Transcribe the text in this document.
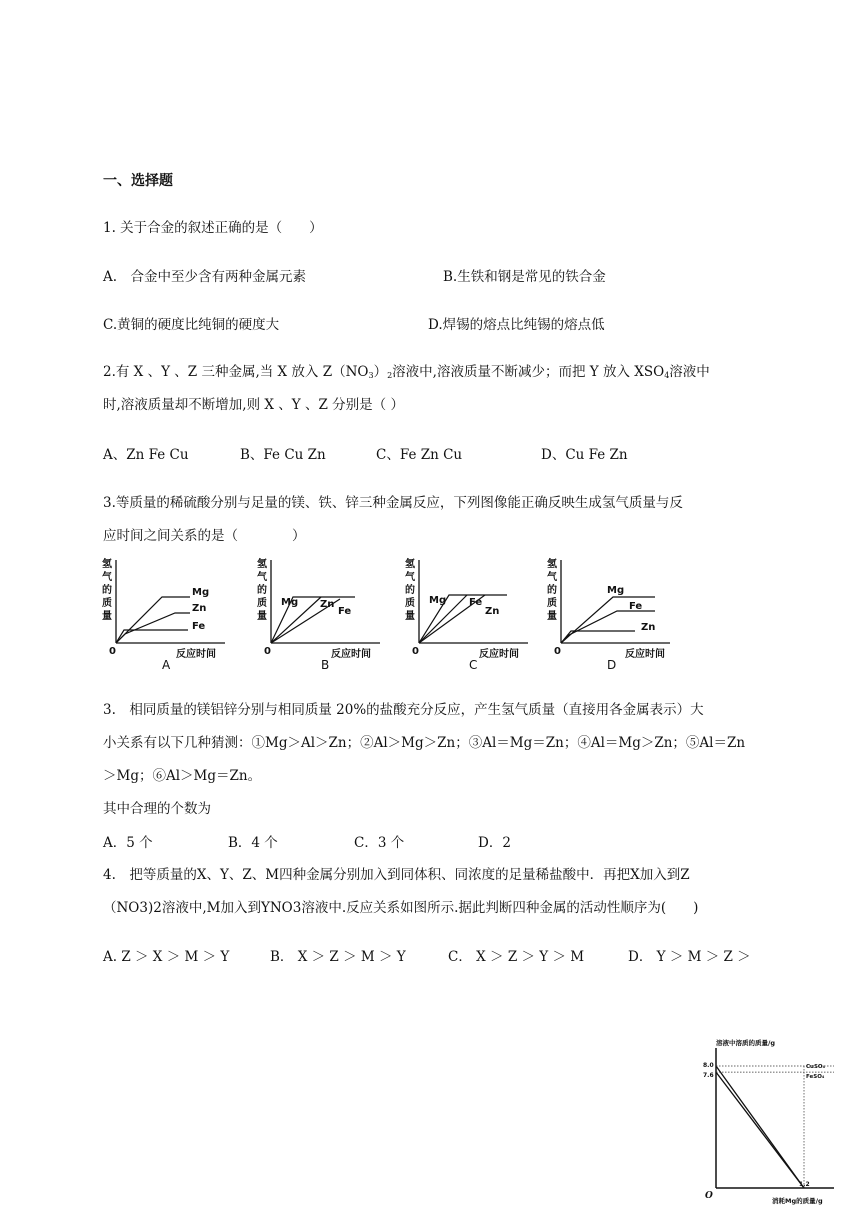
一、选择题
1. 关于合金的叙述正确的是（　　）
A.　合金中至少含有两种金属元素	B.生铁和钢是常见的铁合金
C.黄铜的硬度比纯铜的硬度大	D.焊锡的熔点比纯锡的熔点低
2.有 X 、Y 、Z 三种金属,当 X 放入 $Z(NO_3)_2$溶液中,溶液质量不断减少；而把 Y 放入 $XSO_4$溶液中
时,溶液质量却不断增加,则 X 、Y 、Z 分别是（ ）
A、Zn Fe Cu	B、Fe Cu Zn	C、Fe Zn Cu	D、Cu Fe Zn
3.等质量的稀硫酸分别与足量的镁、铁、锌三种金属反应，下列图像能正确反映生成氢气质量与反
应时间之间关系的是（　　　　）
氢
气
的
质
量
0	反应时间
Mg
Zn
Fe
A
氢
气
的
质
量
0	反应时间
Mg Zn
Fe
B
氢
气
的
质
量
0	反应时间
Mg Fe
Zn
C
氢
气
的
质
量
0	反应时间
Mg
Fe
Zn
D
3.　相同质量的镁铝锌分别与相同质量 20%的盐酸充分反应，产生氢气质量（直接用各金属表示）大
小关系有以下几种猜测：①Mg＞Al＞Zn；②Al＞Mg＞Zn；③Al＝Mg＝Zn；④Al＝Mg＞Zn；⑤Al＝Zn
＞Mg；⑥Al＞Mg＝Zn。
其中合理的个数为
A．5 个	B．4 个	C．3 个	D．2
4.　把等质量的X、Y、Z、M四种金属分别加入到同体积、同浓度的足量稀盐酸中．再把X加入到Z
（NO3)2溶液中,M加入到YNO3溶液中.反应关系如图所示.据此判断四种金属的活动性顺序为(　　)
A. Z ＞ X ＞ M ＞ Y	B． X ＞ Z ＞ M ＞ Y	C． X ＞ Z ＞ Y ＞ M	D． Y ＞ M ＞ Z ＞
溶液中溶质的质量/g
O	消耗Mg的质量/g
CuSO₄
FeSO₄
8.0
7.6
1.2
